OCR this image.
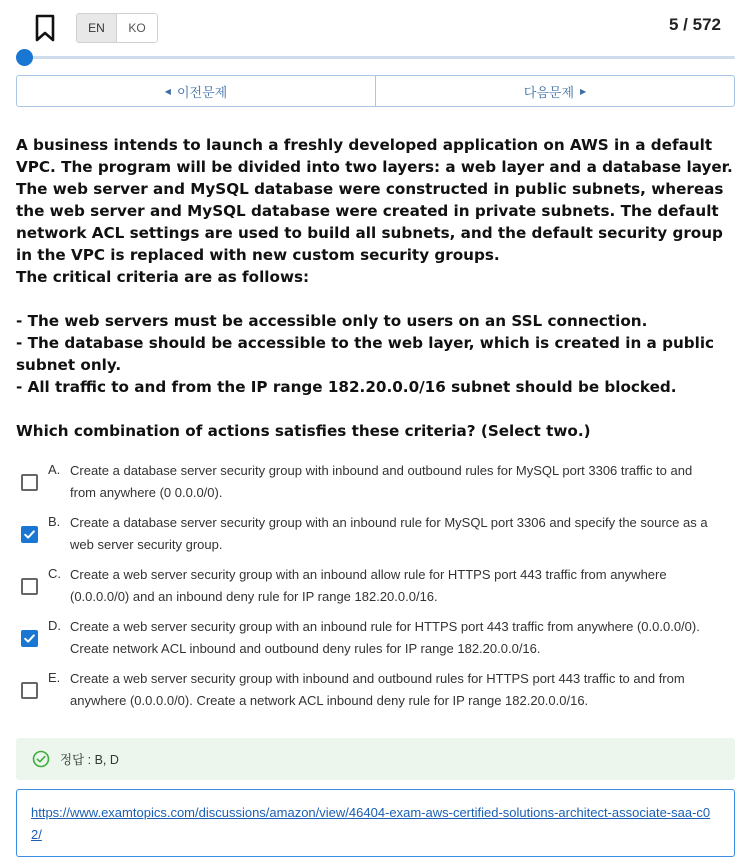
EN	KO	5 / 572
◀ 이전문제	다음문제 ▶
A business intends to launch a freshly developed application on AWS in a default VPC. The program will be divided into two layers: a web layer and a database layer. The web server and MySQL database were constructed in public subnets, whereas the web server and MySQL database were created in private subnets. The default network ACL settings are used to build all subnets, and the default security group in the VPC is replaced with new custom security groups.
The critical criteria are as follows:

- The web servers must be accessible only to users on an SSL connection.
- The database should be accessible to the web layer, which is created in a public subnet only.
- All traffic to and from the IP range 182.20.0.0/16 subnet should be blocked.
Which combination of actions satisfies these criteria? (Select two.)
A. Create a database server security group with inbound and outbound rules for MySQL port 3306 traffic to and from anywhere (0 0.0.0/0).
B. Create a database server security group with an inbound rule for MySQL port 3306 and specify the source as a web server security group.
C. Create a web server security group with an inbound allow rule for HTTPS port 443 traffic from anywhere (0.0.0.0/0) and an inbound deny rule for IP range 182.20.0.0/16.
D. Create a web server security group with an inbound rule for HTTPS port 443 traffic from anywhere (0.0.0.0/0). Create network ACL inbound and outbound deny rules for IP range 182.20.0.0/16.
E. Create a web server security group with inbound and outbound rules for HTTPS port 443 traffic to and from anywhere (0.0.0.0/0). Create a network ACL inbound deny rule for IP range 182.20.0.0/16.
정답 : B, D
https://www.examtopics.com/discussions/amazon/view/46404-exam-aws-certified-solutions-architect-associate-saa-c02/
